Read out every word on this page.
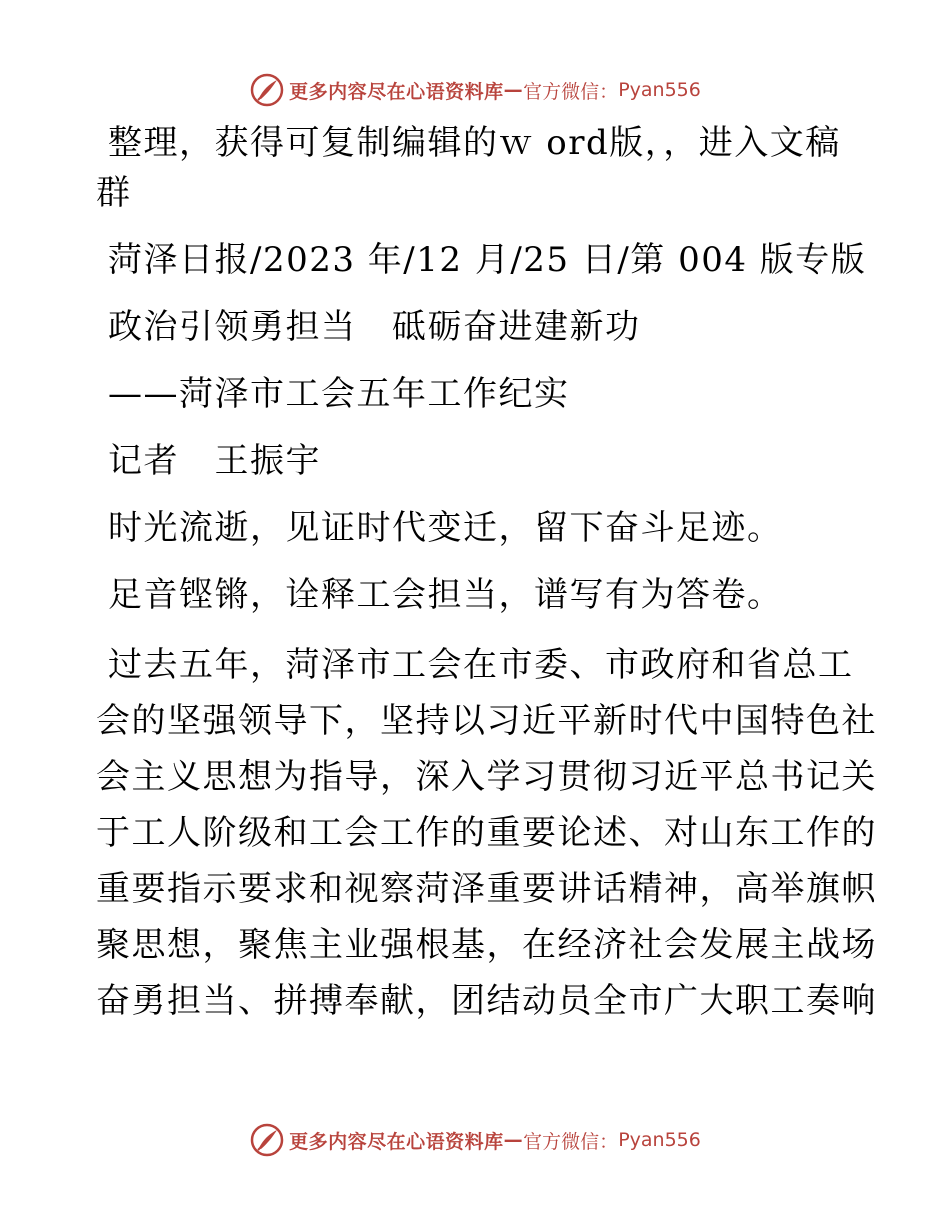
更多内容尽在心语资料库 — 官方微信： Pyan556
整理，获得可复制编辑的ｗ ord版，，进入文稿
群
菏泽日报/2023 年/12 月/25 日/第 004 版专版
政治引领勇担当　砥砺奋进建新功
——菏泽市工会五年工作纪实
记者　王振宇
时光流逝，见证时代变迁，留下奋斗足迹。
足音铿锵，诠释工会担当，谱写有为答卷。
过去五年，菏泽市工会在市委、市政府和省总工
会的坚强领导下，坚持以习近平新时代中国特色社
会主义思想为指导，深入学习贯彻习近平总书记关
于工人阶级和工会工作的重要论述、对山东工作的
重要指示要求和视察菏泽重要讲话精神，高举旗帜
聚思想，聚焦主业强根基，在经济社会发展主战场
奋勇担当、拼搏奉献，团结动员全市广大职工奏响
更多内容尽在心语资料库 — 官方微信： Pyan556
